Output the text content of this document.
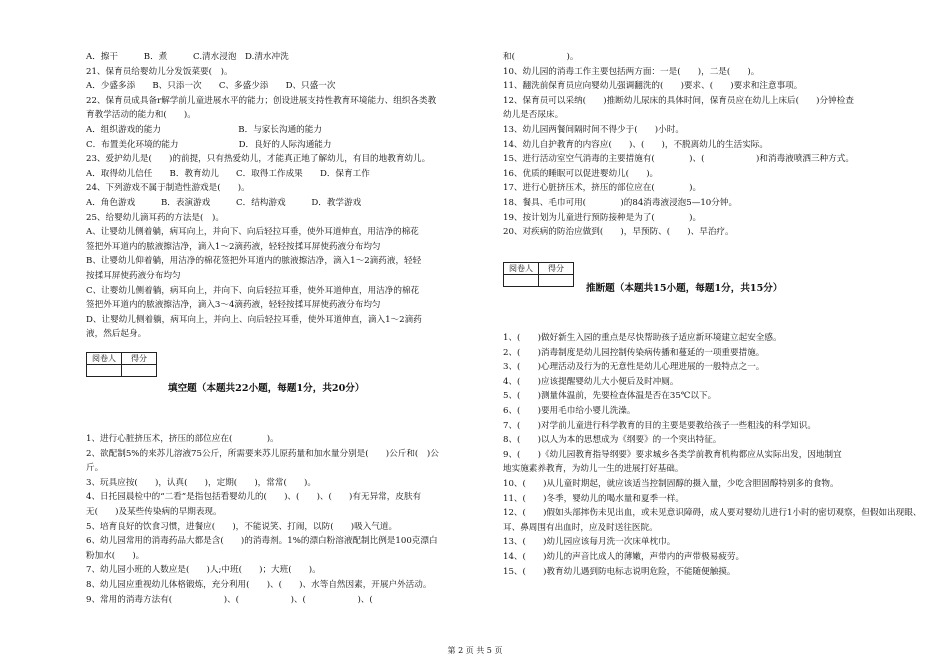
A．擦干　　　B．煮　　　C.清水浸泡　D.清水冲洗
21、保育员给婴幼儿分发饭菜要(　)。
A．少盛多添　　B、只添一次　　C、多盛少添　　D、只盛一次
22、保育员成具备r解学前儿童进展水平的能力；创设进展支持性教育环境能力、组织各类教
育教学活动的能力和(　　)。
A．组织游戏的能力　　　　　　　　　B．与家长沟通的能力
C．布置美化环境的能力　　　　　　　D．良好的人际沟通能力
23、爱护幼儿是(　　)的前提，只有热爱幼儿，才能真正地了解幼儿，有目的地教育幼儿。
A．取得幼儿信任　　B．教育幼儿　　C．取得工作成果　　D．保育工作
24、下列游戏不属于制造性游戏是(　　)。
A．角色游戏　　　B．表演游戏　　　C．结构游戏　　　D．教学游戏
25、给婴幼儿滴耳药的方法是(　)。
A、让婴幼儿侧着躺，病耳向上，并向下、向后轻拉耳垂，使外耳道伸直，用洁净的棉花
签把外耳道内的脓液擦洁净，滴入1～2滴药液，轻轻按揉耳屏使药液分布均匀
B、让婴幼儿仰着躺，用洁净的棉花签把外耳道内的脓液擦洁净，滴入1～2滴药液，轻轻
按揉耳屏使药液分布均匀
C、让婴幼儿侧着躺，病耳向上，并向下、向后轻拉耳垂，使外耳道伸直，用洁净的棉花
签把外耳道内的脓液擦洁净，滴入3～4滴药液，轻轻按揉耳屏使药液分布均匀
D、让婴幼儿侧着躺，病耳向上，并向上、向后轻拉耳垂，使外耳道伸直，滴入1～2滴药
液，然后起身。
阅卷人	得分

填空题（本题共22小题，每题1分，共20分）
1、进行心脏挤压术，挤压的部位应在(　　　　)。
2、欲配制5%的来苏儿溶液75公斤，所需要来苏儿原药量和加水量分别是(　　)公斤和(　)公
斤。
3、玩具应按(　　)，认真(　　)，定期(　　)，常常(　　)。
4、日托园晨检中的“二看”是指包括看婴幼儿的(　　)、(　　)、(　　)有无异常，皮肤有
无(　　)及某些传染病的早期表现。
5、培育良好的饮食习惯，进餐应(　　)，不能说笑、打闹，以防(　　)吸入气道。
6、幼儿园常用的消毒药品大都是含(　　)的消毒剂。1%的漂白粉溶液配制比例是100克漂白
粉加水(　　)。
7、幼儿园小班的人数应是(　　)人;中班(　　)；大班(　　)。
8、幼儿园应重视幼儿体格锻炼，充分利用(　　)、(　　)、水等自然因素，开展户外活动。
9、常用的消毒方法有(　　　　　　)、(　　　　　　)、(　　　　　　)、(　　　　　
和(　　　　　　)。
10、幼儿园的消毒工作主要包括两方面：一是(　　)，二是(　　)。
11、翻洗前保育员应向婴幼儿强调翻洗的(　　)要求、(　　)要求和注意事项。
12、保育员可以采纳(　　)推断幼儿尿床的具体时间，保育员应在幼儿上床后(　　)分钟检查
幼儿是否尿床。
13、幼儿园两餐间隔时间不得少于(　　)小时。
14、幼儿自护教育的内容应(　　)、(　　)，不脱离幼儿的生活实际。
15、进行活动室空气消毒的主要措施有(　　　　)、(　　　　　　)和消毒液喷洒三种方式。
16、优质的睡眠可以促进婴幼儿(　　)。
17、进行心脏挤压术，挤压的部位应在(　　　　)。
18、餐具、毛巾可用(　　　　)的84消毒液浸泡5—10分钟。
19、按计划为儿童进行预防接种是为了(　　　　)。
20、对疾病的防治应做到(　　)，早预防、(　　)、早治疗。
阅卷人	得分

推断题（本题共15小题，每题1分，共15分）
1、(　　)做好新生入园的重点是尽快帮助孩子适应新环境建立起安全感。
2、(　　)消毒制度是幼儿园控制传染病传播和蔓延的一项重要措施。
3、(　　)心理活动及行为的无意性是幼儿心理进展的一般特点之一。
4、(　　)应该提醒婴幼儿大小便后及时冲厕。
5、(　　)测量体温前，先要检查体温是否在35℃以下。
6、(　　)要用毛巾给小婴儿洗澡。
7、(　　)对学前儿童进行科学教育的目的主要是要教给孩子一些粗浅的科学知识。
8、(　　)以人为本的思想成为《纲要》的一个突出特征。
9、(　　)《幼儿园教育指导纲要》要求城乡各类学前教育机构都应从实际出发，因地制宜
地实施素养教育，为幼儿一生的进展打好基础。
10、(　　)从儿童时期起，就应该适当控制固醇的摄入量，少吃含胆固醇特别多的食物。
11、(　　)冬季，婴幼儿的喝水量和夏季一样。
12、(　　)假如头部摔伤未见出血，或未见意识障碍，成人要对婴幼儿进行1小时的密切观察，但假如出现眼、
耳、鼻周围有出血时，应及时送往医院。
13、(　　)幼儿园应该每月洗一次床单枕巾。
14、(　　)幼儿的声音比成人的薄嫩，声带内的声带极易疲劳。
15、(　　)教育幼儿遇到防电标志说明危险，不能随便触摸。
第 2 页 共 5 页
